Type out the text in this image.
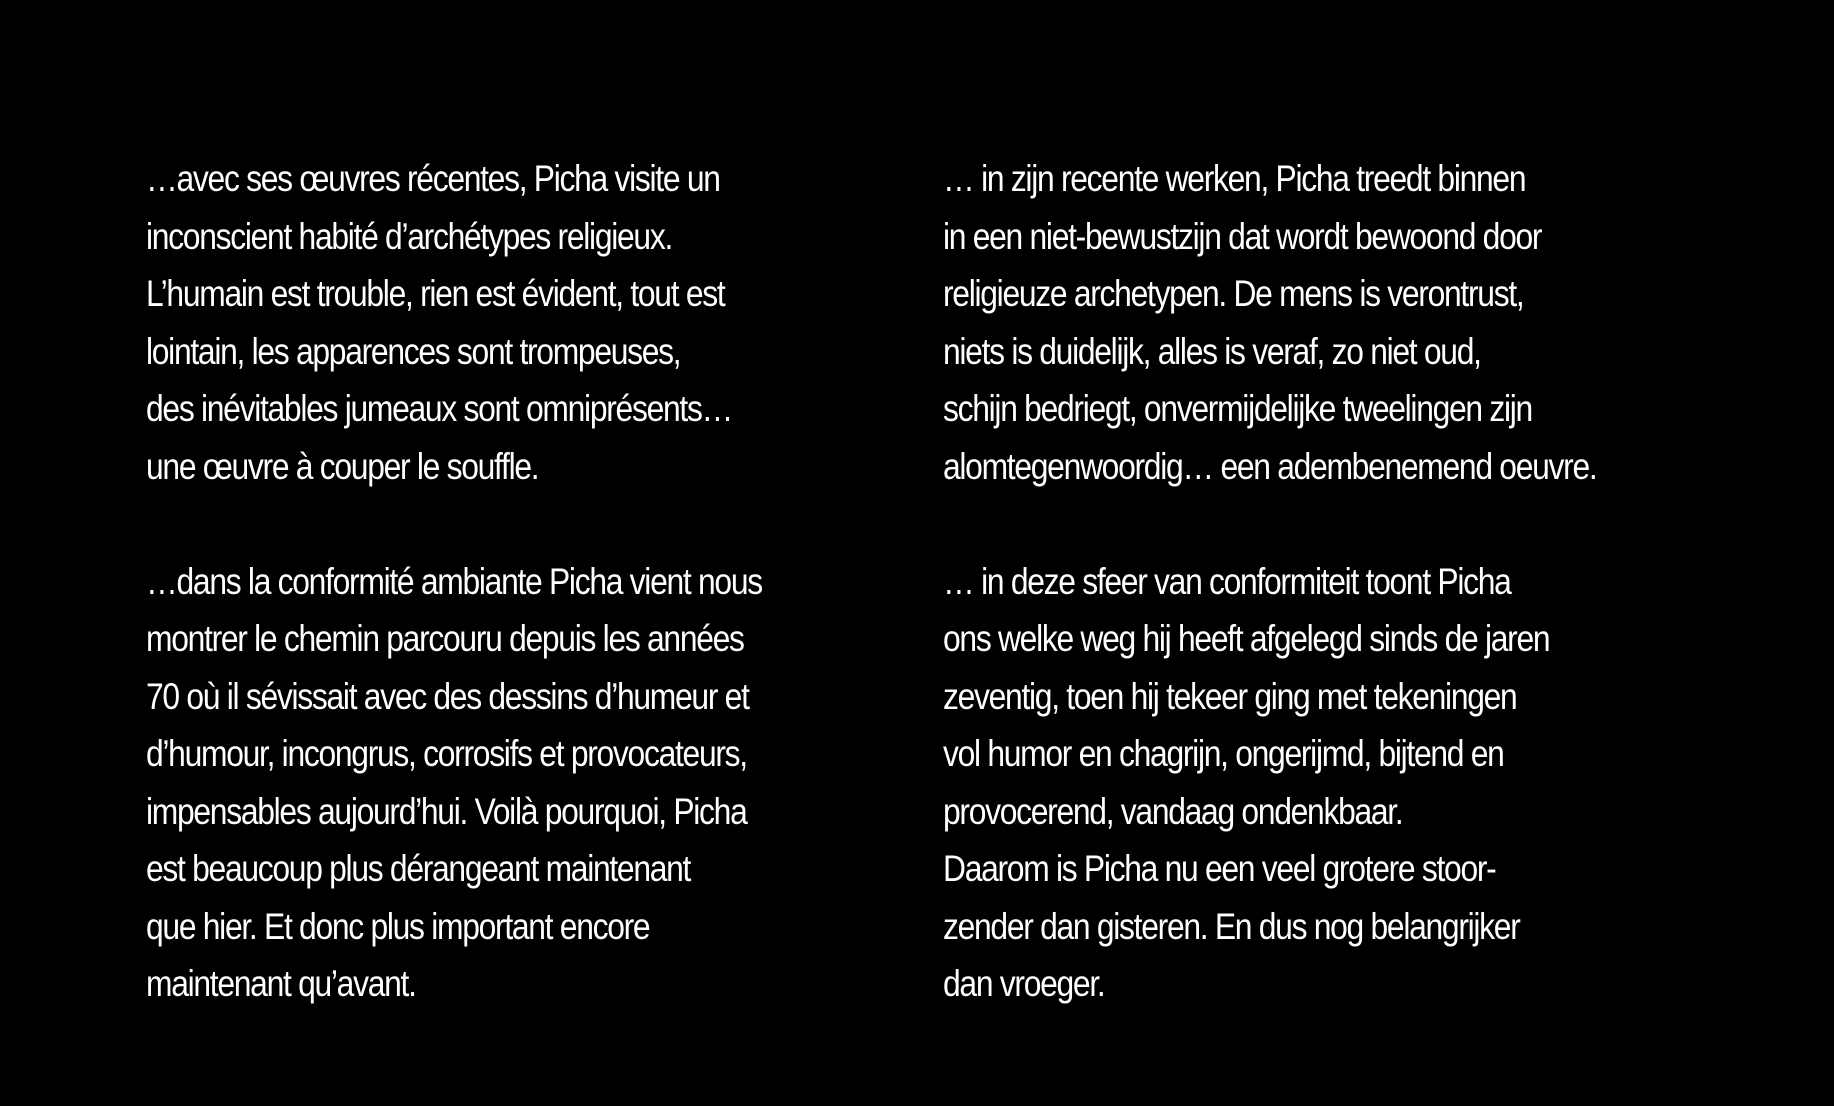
…avec ses œuvres récentes, Picha visite un
inconscient habité d’archétypes religieux.
L’humain est trouble, rien est évident, tout est
lointain, les apparences sont trompeuses,
des inévitables jumeaux sont omniprésents…
une œuvre à couper le souffle.
…dans la conformité ambiante Picha vient nous
montrer le chemin parcouru depuis les années
70 où il sévissait avec des dessins d’humeur et
d’humour, incongrus, corrosifs et provocateurs,
impensables aujourd’hui. Voilà pourquoi, Picha
est beaucoup plus dérangeant maintenant
que hier. Et donc plus important encore
maintenant qu’avant.
… in zijn recente werken, Picha treedt binnen
in een niet-bewustzijn dat wordt bewoond door
religieuze archetypen. De mens is verontrust,
niets is duidelijk, alles is veraf, zo niet oud,
schijn bedriegt, onvermijdelijke tweelingen zijn
alomtegenwoordig… een adembenemend oeuvre.
… in deze sfeer van conformiteit toont Picha
ons welke weg hij heeft afgelegd sinds de jaren
zeventig, toen hij tekeer ging met tekeningen
vol humor en chagrijn, ongerijmd, bijtend en
provocerend, vandaag ondenkbaar.
Daarom is Picha nu een veel grotere stoor-
zender dan gisteren. En dus nog belangrijker
dan vroeger.
